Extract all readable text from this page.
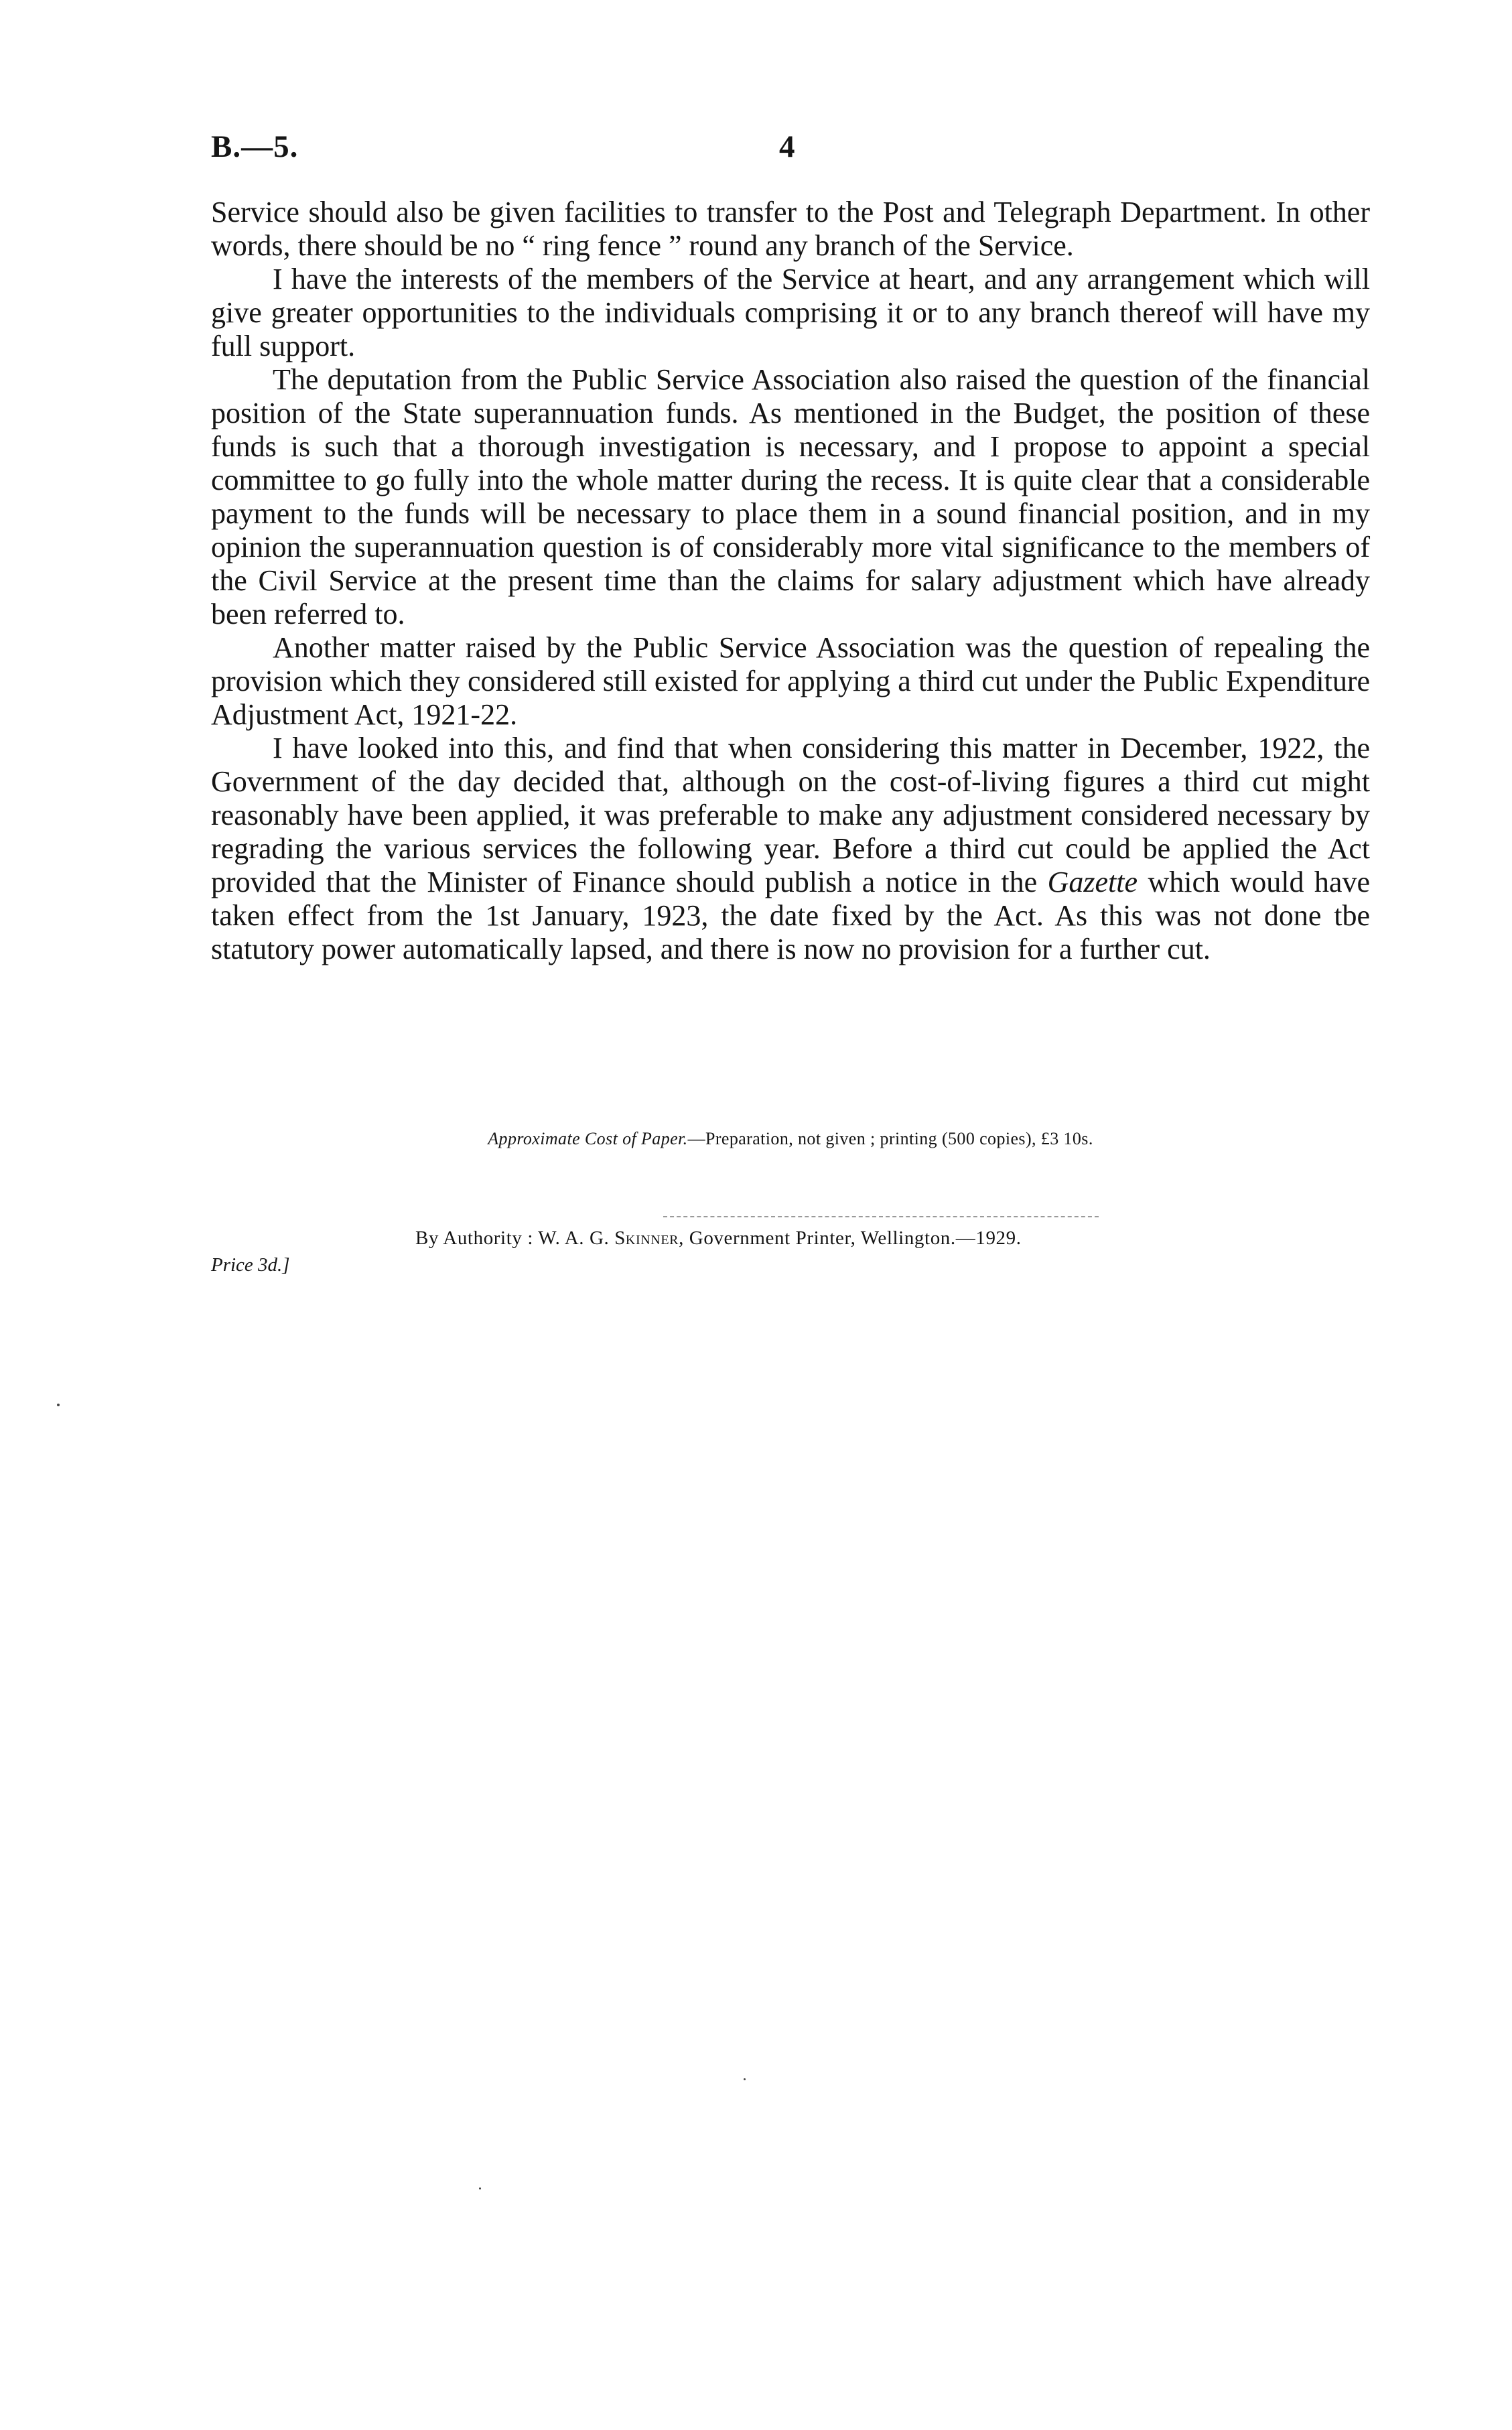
B.—5.	4

Service should also be given facilities to transfer to the Post and Telegraph Department. In other words, there should be no “ ring fence ” round any branch of the Service.

I have the interests of the members of the Service at heart, and any arrangement which will give greater opportunities to the individuals comprising it or to any branch thereof will have my full support.

The deputation from the Public Service Association also raised the question of the financial position of the State superannuation funds. As mentioned in the Budget, the position of these funds is such that a thorough investigation is necessary, and I propose to appoint a special committee to go fully into the whole matter during the recess. It is quite clear that a considerable payment to the funds will be necessary to place them in a sound financial position, and in my opinion the superannuation question is of considerably more vital significance to the members of the Civil Service at the present time than the claims for salary adjustment which have already been referred to.

Another matter raised by the Public Service Association was the question of repealing the provision which they considered still existed for applying a third cut under the Public Expenditure Adjustment Act, 1921-22.

I have looked into this, and find that when considering this matter in December, 1922, the Government of the day decided that, although on the cost-of-living figures a third cut might reasonably have been applied, it was preferable to make any adjustment considered necessary by regrading the various services the following year. Before a third cut could be applied the Act provided that the Minister of Finance should publish a notice in the Gazette which would have taken effect from the 1st January, 1923, the date fixed by the Act. As this was not done tbe statutory power automatically lapsed, and there is now no provision for a further cut.

Approximate Cost of Paper.—Preparation, not given ; printing (500 copies), £3 10s.
By Authority : W. A. G. Skinner, Government Printer, Wellington.—1929.
Price 3d.]
